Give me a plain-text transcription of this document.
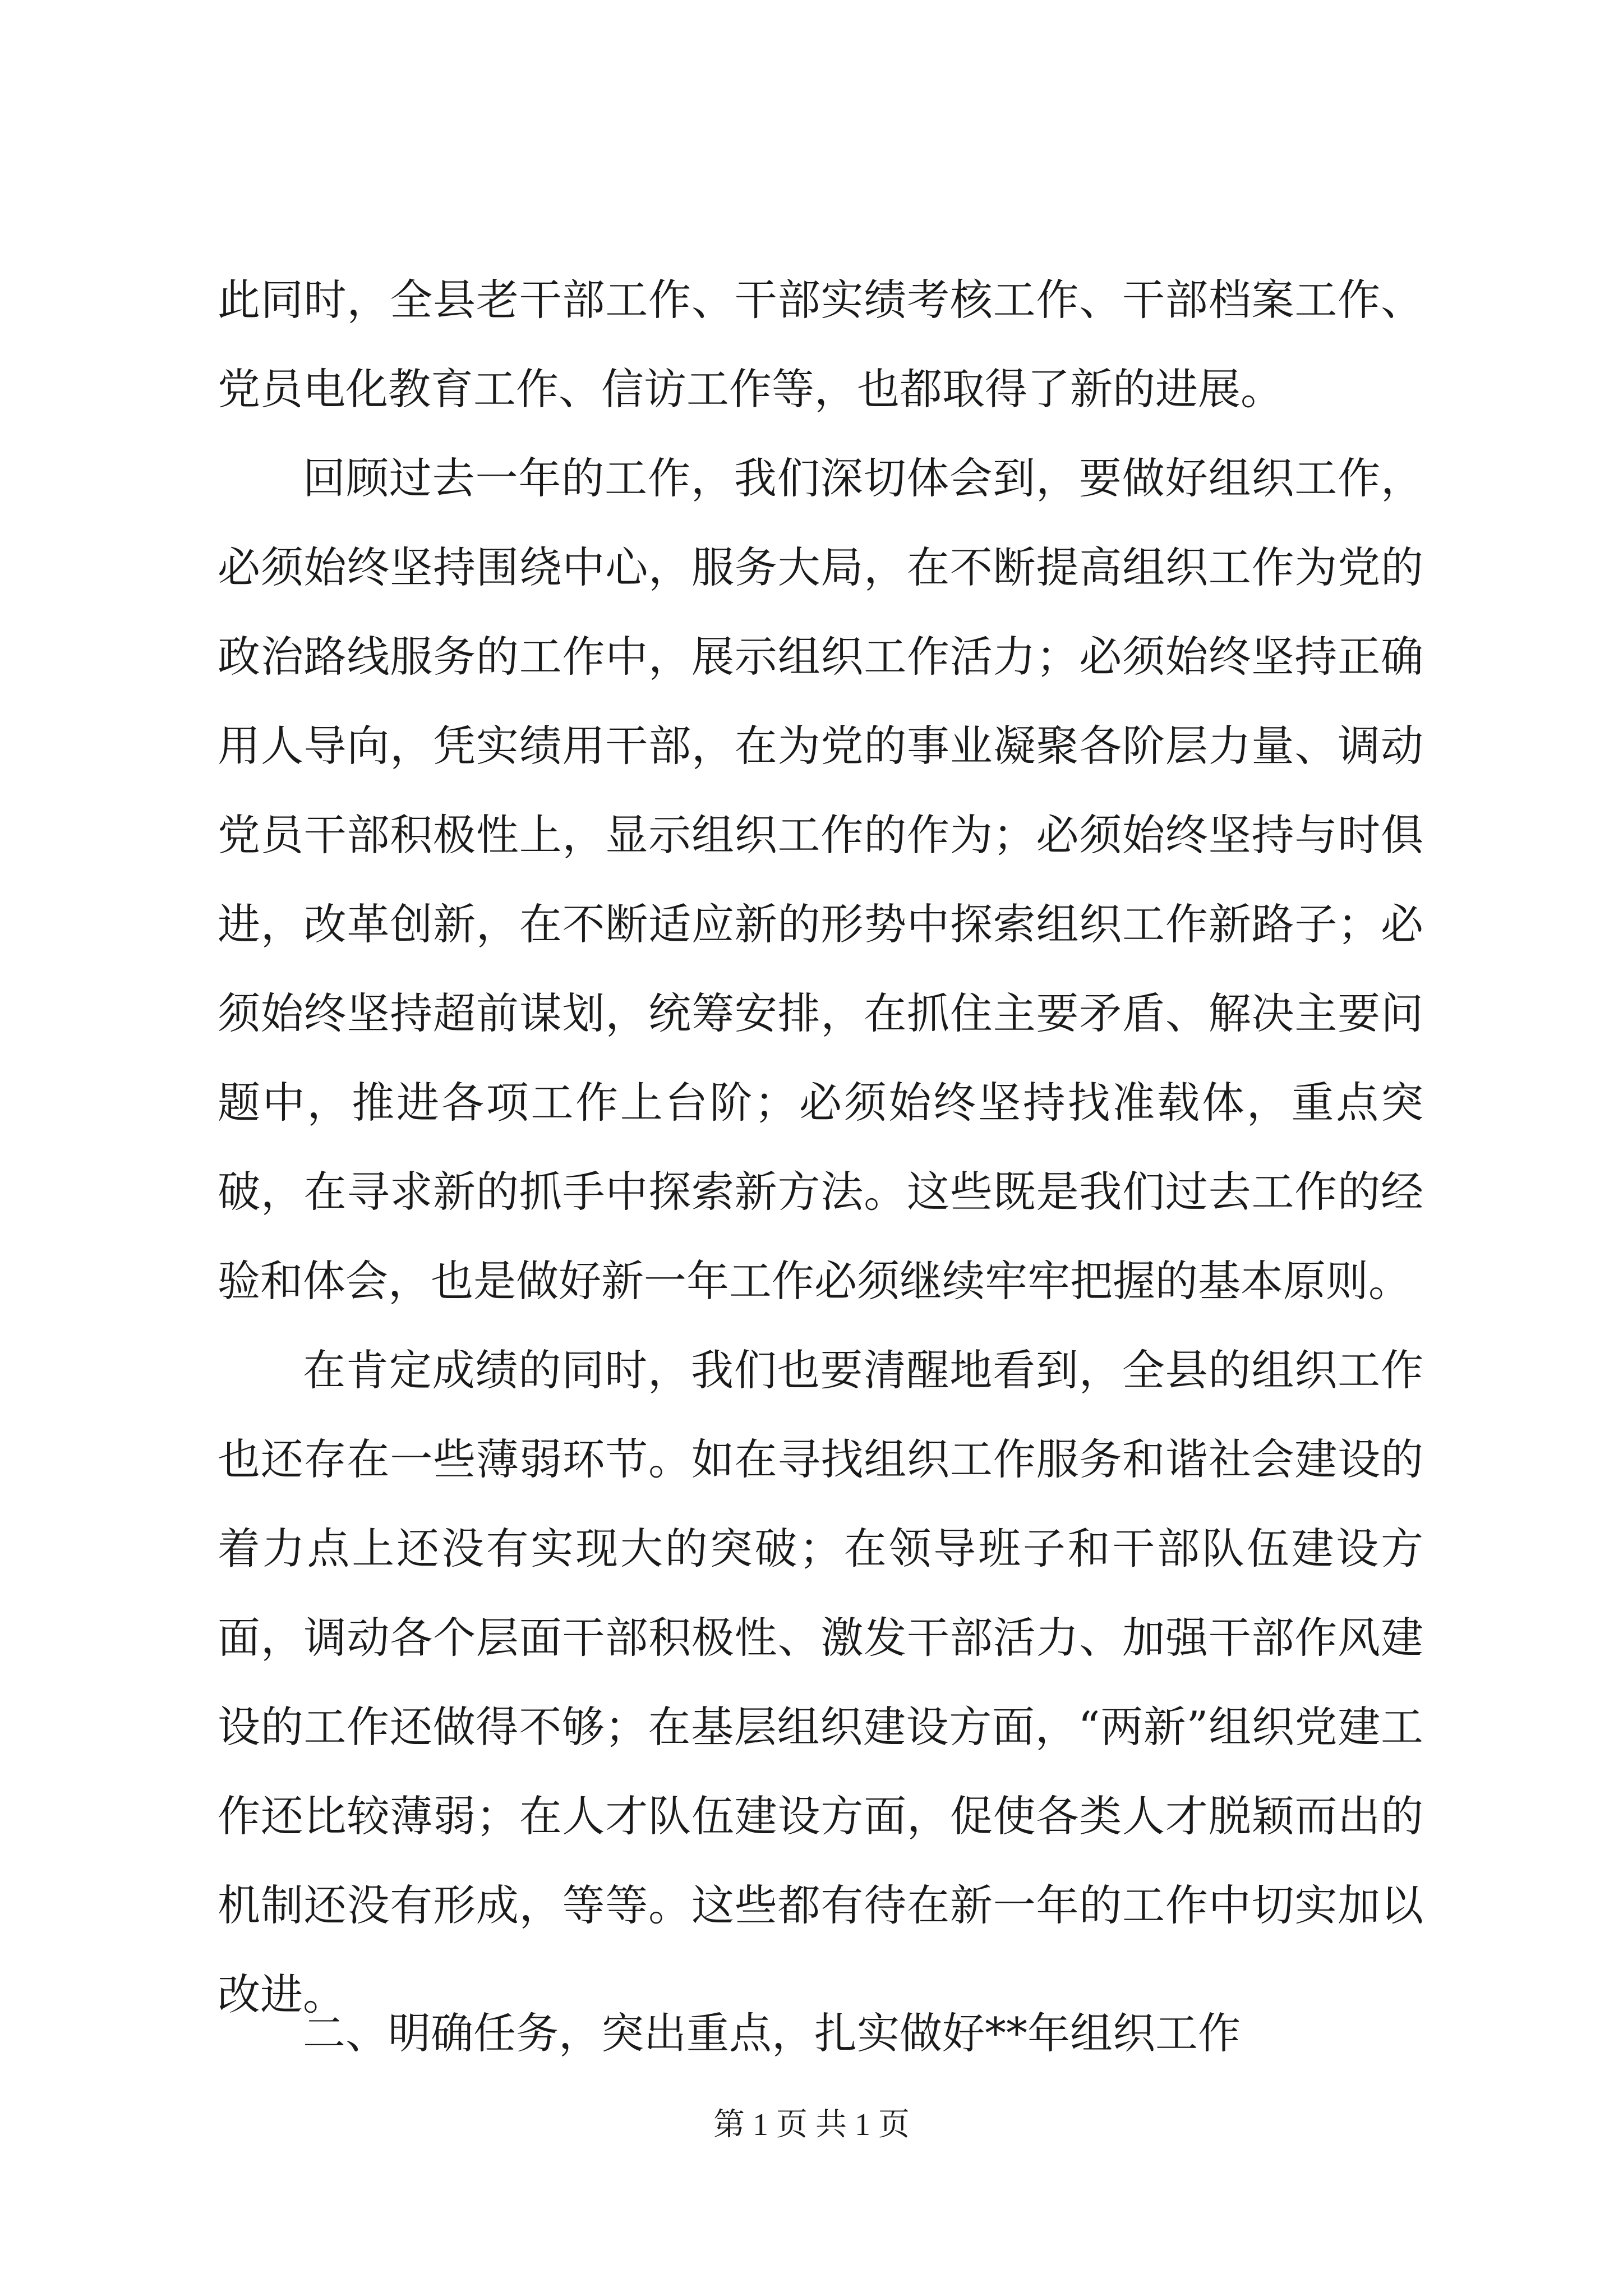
此同时，全县老干部工作、干部实绩考核工作、干部档案工作、党员电化教育工作、信访工作等，也都取得了新的进展。

回顾过去一年的工作，我们深切体会到，要做好组织工作，必须始终坚持围绕中心，服务大局，在不断提高组织工作为党的政治路线服务的工作中，展示组织工作活力；必须始终坚持正确用人导向，凭实绩用干部，在为党的事业凝聚各阶层力量、调动党员干部积极性上，显示组织工作的作为；必须始终坚持与时俱进，改革创新，在不断适应新的形势中探索组织工作新路子；必须始终坚持超前谋划，统筹安排，在抓住主要矛盾、解决主要问题中，推进各项工作上台阶；必须始终坚持找准载体，重点突破，在寻求新的抓手中探索新方法。这些既是我们过去工作的经验和体会，也是做好新一年工作必须继续牢牢把握的基本原则。

在肯定成绩的同时，我们也要清醒地看到，全县的组织工作也还存在一些薄弱环节。如在寻找组织工作服务和谐社会建设的着力点上还没有实现大的突破；在领导班子和干部队伍建设方面，调动各个层面干部积极性、激发干部活力、加强干部作风建设的工作还做得不够；在基层组织建设方面，“两新”组织党建工作还比较薄弱；在人才队伍建设方面，促使各类人才脱颖而出的机制还没有形成，等等。这些都有待在新一年的工作中切实加以改进。

二、明确任务，突出重点，扎实做好**年组织工作
第 1 页 共 1 页
